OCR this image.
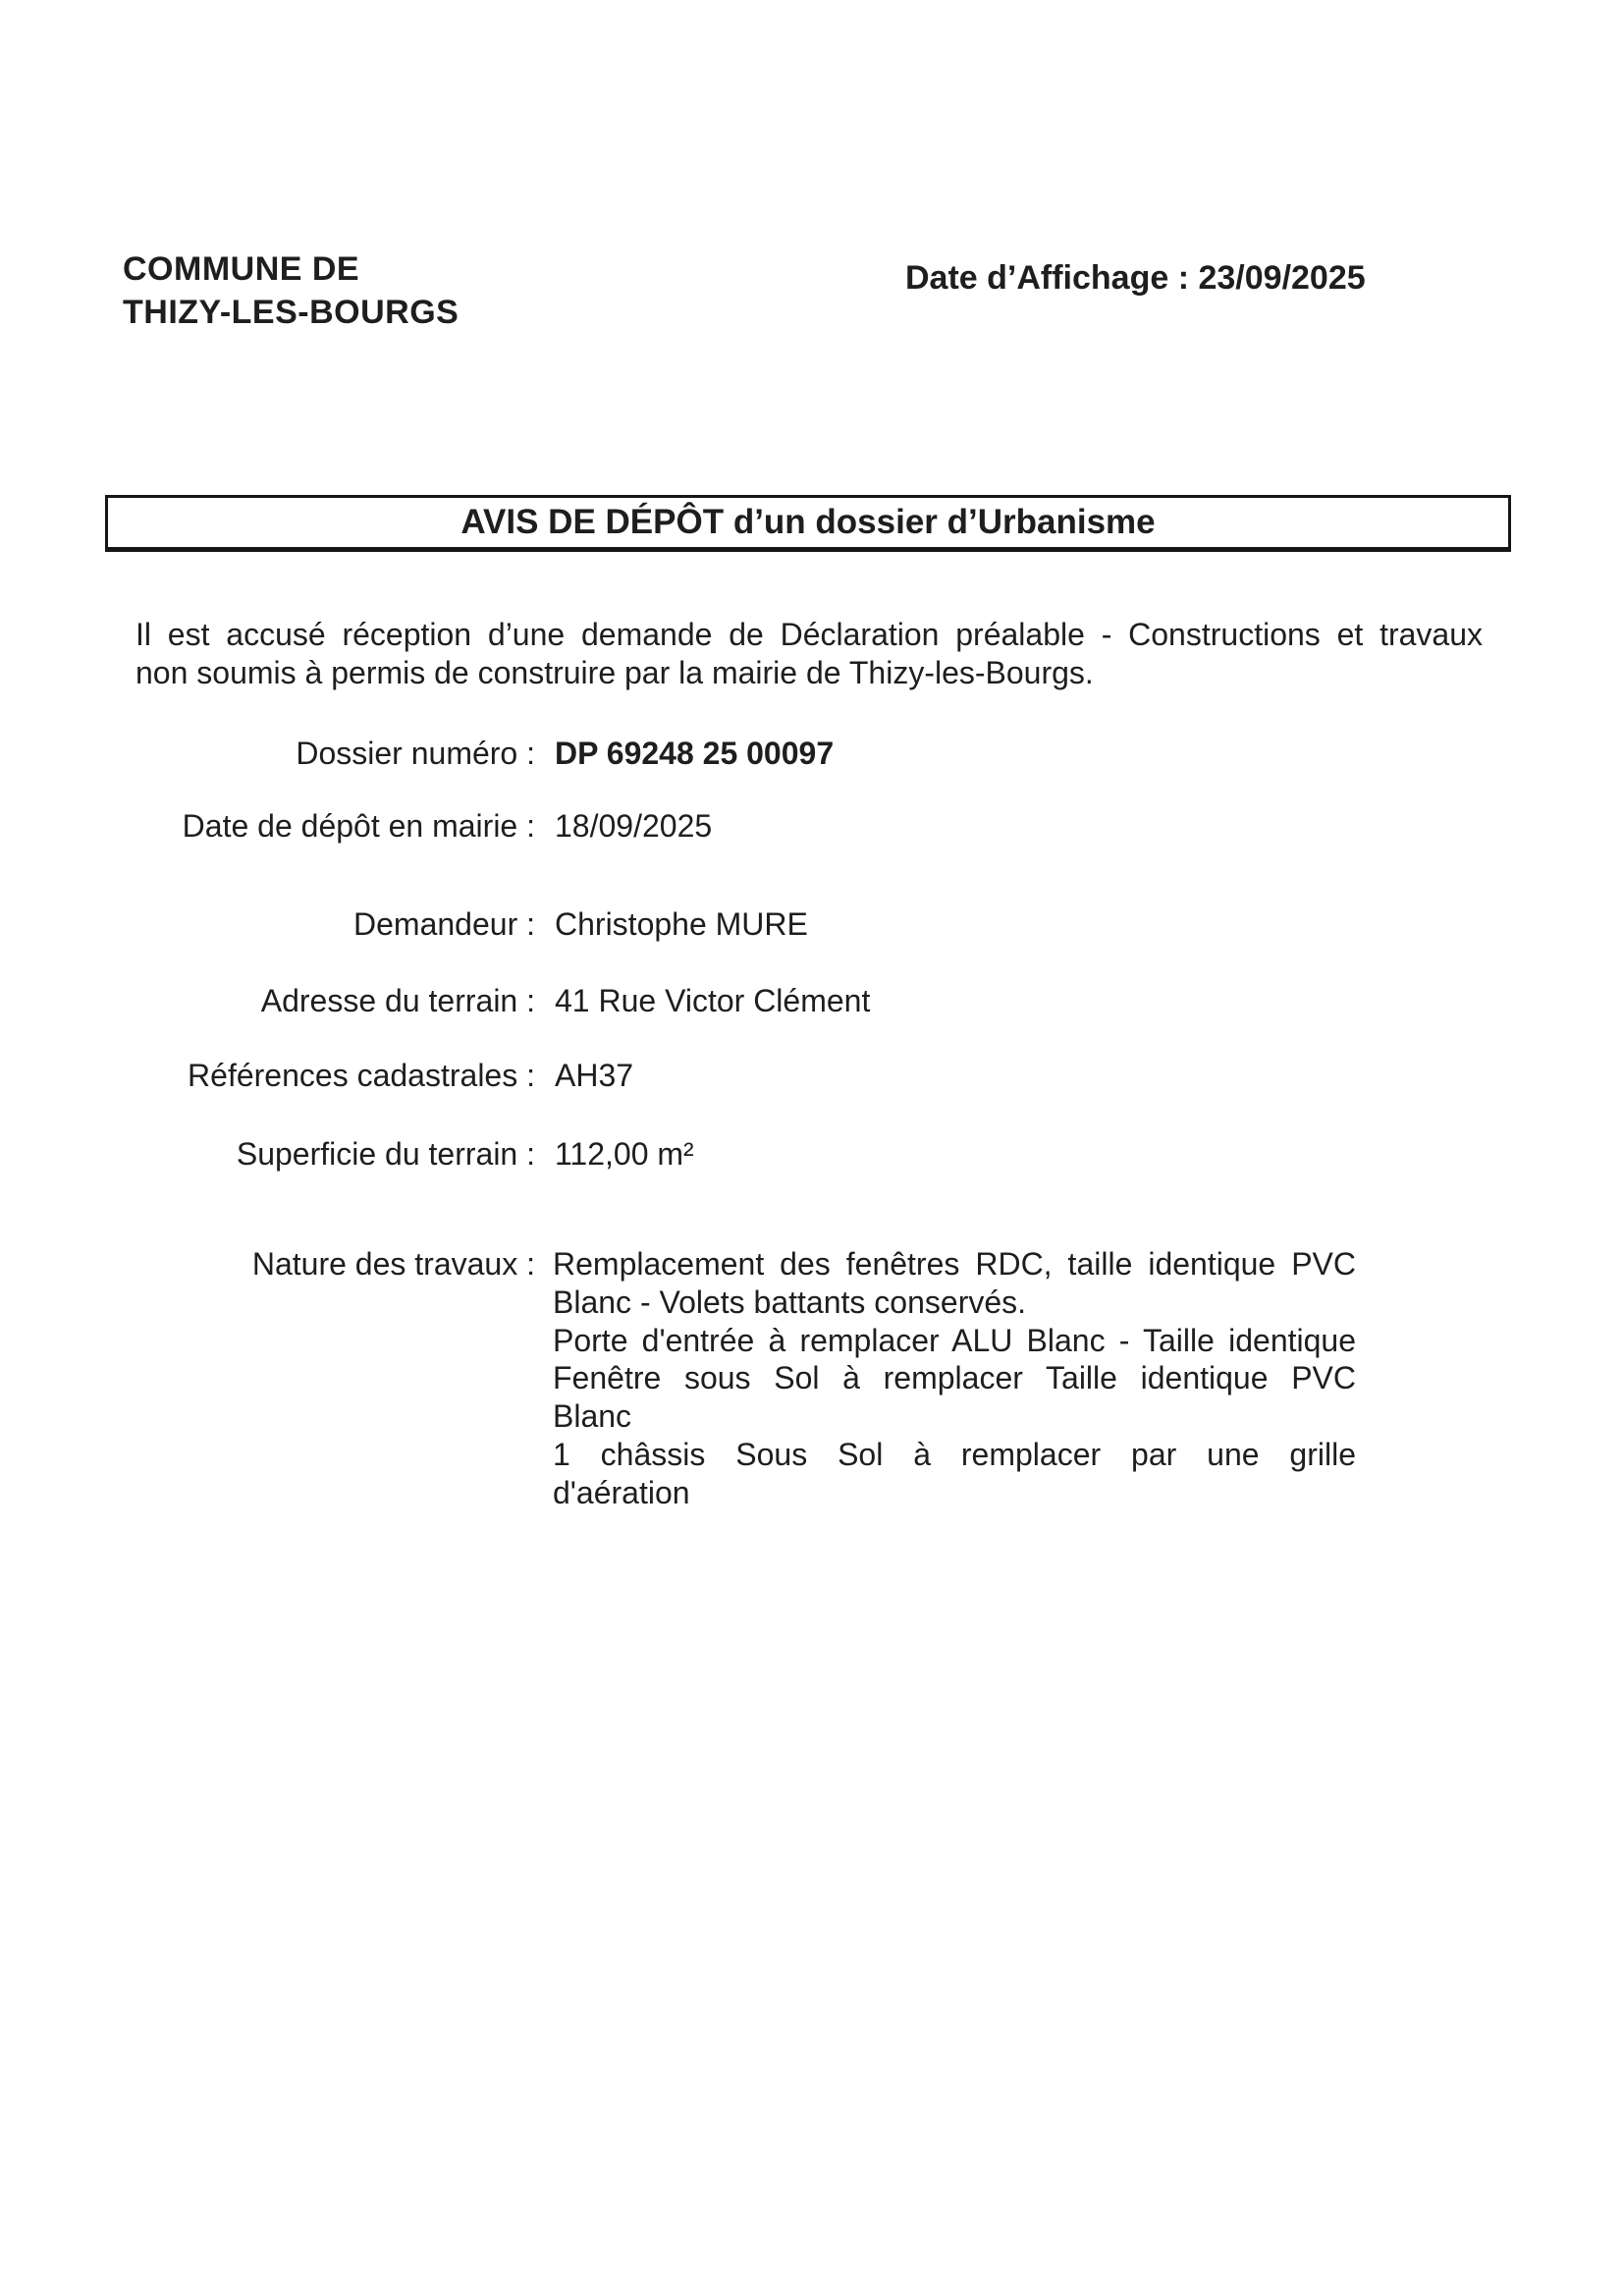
COMMUNE DE
THIZY-LES-BOURGS
Date d’Affichage : 23/09/2025
AVIS DE DÉPÔT d’un dossier d’Urbanisme
Il est accusé réception d’une demande de Déclaration préalable - Constructions et travaux
non soumis à permis de construire par la mairie de Thizy-les-Bourgs.
Dossier numéro : DP 69248 25 00097
Date de dépôt en mairie : 18/09/2025
Demandeur : Christophe MURE
Adresse du terrain : 41 Rue Victor Clément
Références cadastrales : AH37
Superficie du terrain : 112,00 m²
Nature des travaux : Remplacement des fenêtres RDC, taille identique PVC
Blanc - Volets battants conservés.
Porte d'entrée à remplacer ALU Blanc - Taille identique
Fenêtre sous Sol à remplacer Taille identique PVC
Blanc
1 châssis Sous Sol à remplacer par une grille
d'aération
